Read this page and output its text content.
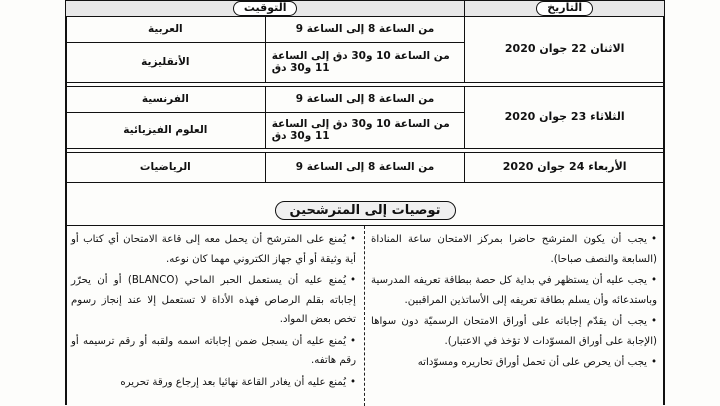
التاريخ	التوقيت	
الاثنان 22 جوان 2020	من الساعة 8 إلى الساعة 9	العربية
	من الساعة 10 و30 دق إلى الساعة 11 و30 دق	الأنقليزية

الثلاثاء 23 جوان 2020	من الساعة 8 إلى الساعة 9	الفرنسية
	من الساعة 10 و30 دق إلى الساعة 11 و30 دق	العلوم الفيزيائية

الأربعاء 24 جوان 2020	من الساعة 8 إلى الساعة 9	الرياضيات
توصيات إلى المترشحين

•يجب أن يكون المترشح حاضرا بمركز الامتحان ساعة المناداة (السابعة والنصف صباحا).

•يجب عليه أن يستظهر في بداية كل حصة ببطاقة تعريفه المدرسية وباستدعائه وأن يسلم بطاقة تعريفه إلى الأساتذين المراقبين.

•يجب أن يقدّم إجاباته على أوراق الامتحان الرسميّة دون سواها (الإجابة على أوراق المسوّدات لا تؤخذ في الاعتبار).

•يجب أن يحرص على أن تحمل أوراق تحاريره ومسوّداته

•يُمنع على المترشح أن يحمل معه إلى قاعة الامتحان أي كتاب أو أية وثيقة أو أي جهاز الكتروني مهما كان نوعه.

•يُمنع عليه أن يستعمل الحبر الماحي (BLANCO) أو أن يحرّر إجاباته بقلم الرصاص فهذه الأداة لا تستعمل إلا عند إنجاز رسوم تخص بعض المواد.

•يُمنع عليه أن يسجل ضمن إجاباته اسمه ولقبه أو رقم ترسيمه أو رقم هاتفه.

•يُمنع عليه أن يغادر القاعة نهائيا بعد إرجاع ورقة تحريره
